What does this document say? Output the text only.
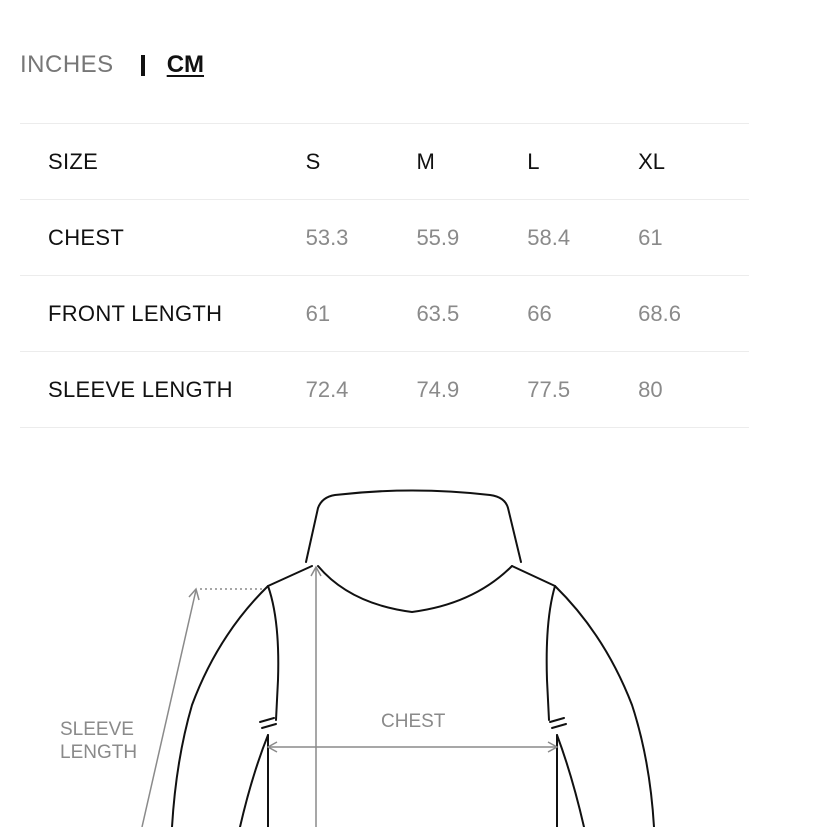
INCHES CM
SIZE	S	M	L	XL
CHEST	53.3	55.9	58.4	61
FRONT LENGTH	61	63.5	66	68.6
SLEEVE LENGTH	72.4	74.9	77.5	80
SLEEVE
LENGTH
CHEST
